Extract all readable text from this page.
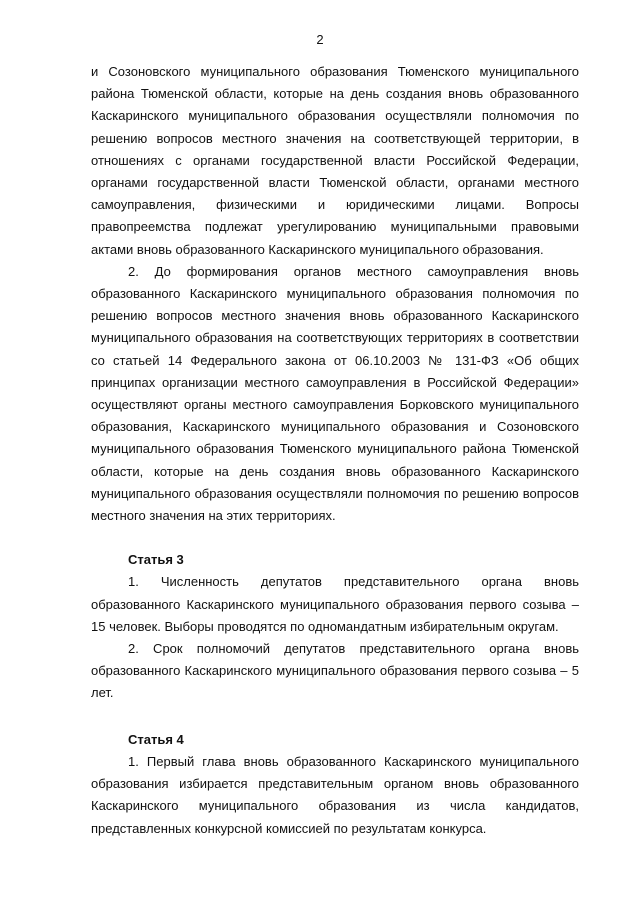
2

и Созоновского муниципального образования Тюменского муниципального района Тюменской области, которые на день создания вновь образованного Каскаринского муниципального образования осуществляли полномочия по решению вопросов местного значения на соответствующей территории, в отношениях с органами государственной власти Российской Федерации, органами государственной власти Тюменской области, органами местного самоуправления, физическими и юридическими лицами. Вопросы правопреемства подлежат урегулированию муниципальными правовыми актами вновь образованного Каскаринского муниципального образования.

2. До формирования органов местного самоуправления вновь образованного Каскаринского муниципального образования полномочия по решению вопросов местного значения вновь образованного Каскаринского муниципального образования на соответствующих территориях в соответствии со статьей 14 Федерального закона от 06.10.2003 № 131-ФЗ «Об общих принципах организации местного самоуправления в Российской Федерации» осуществляют органы местного самоуправления Борковского муниципального образования, Каскаринского муниципального образования и Созоновского муниципального образования Тюменского муниципального района Тюменской области, которые на день создания вновь образованного Каскаринского муниципального образования осуществляли полномочия по решению вопросов местного значения на этих территориях.

Статья 3

1. Численность депутатов представительного органа вновь образованного Каскаринского муниципального образования первого созыва – 15 человек. Выборы проводятся по одномандатным избирательным округам.

2. Срок полномочий депутатов представительного органа вновь образованного Каскаринского муниципального образования первого созыва – 5 лет.

Статья 4

1. Первый глава вновь образованного Каскаринского муниципального образования избирается представительным органом вновь образованного Каскаринского муниципального образования из числа кандидатов, представленных конкурсной комиссией по результатам конкурса.
